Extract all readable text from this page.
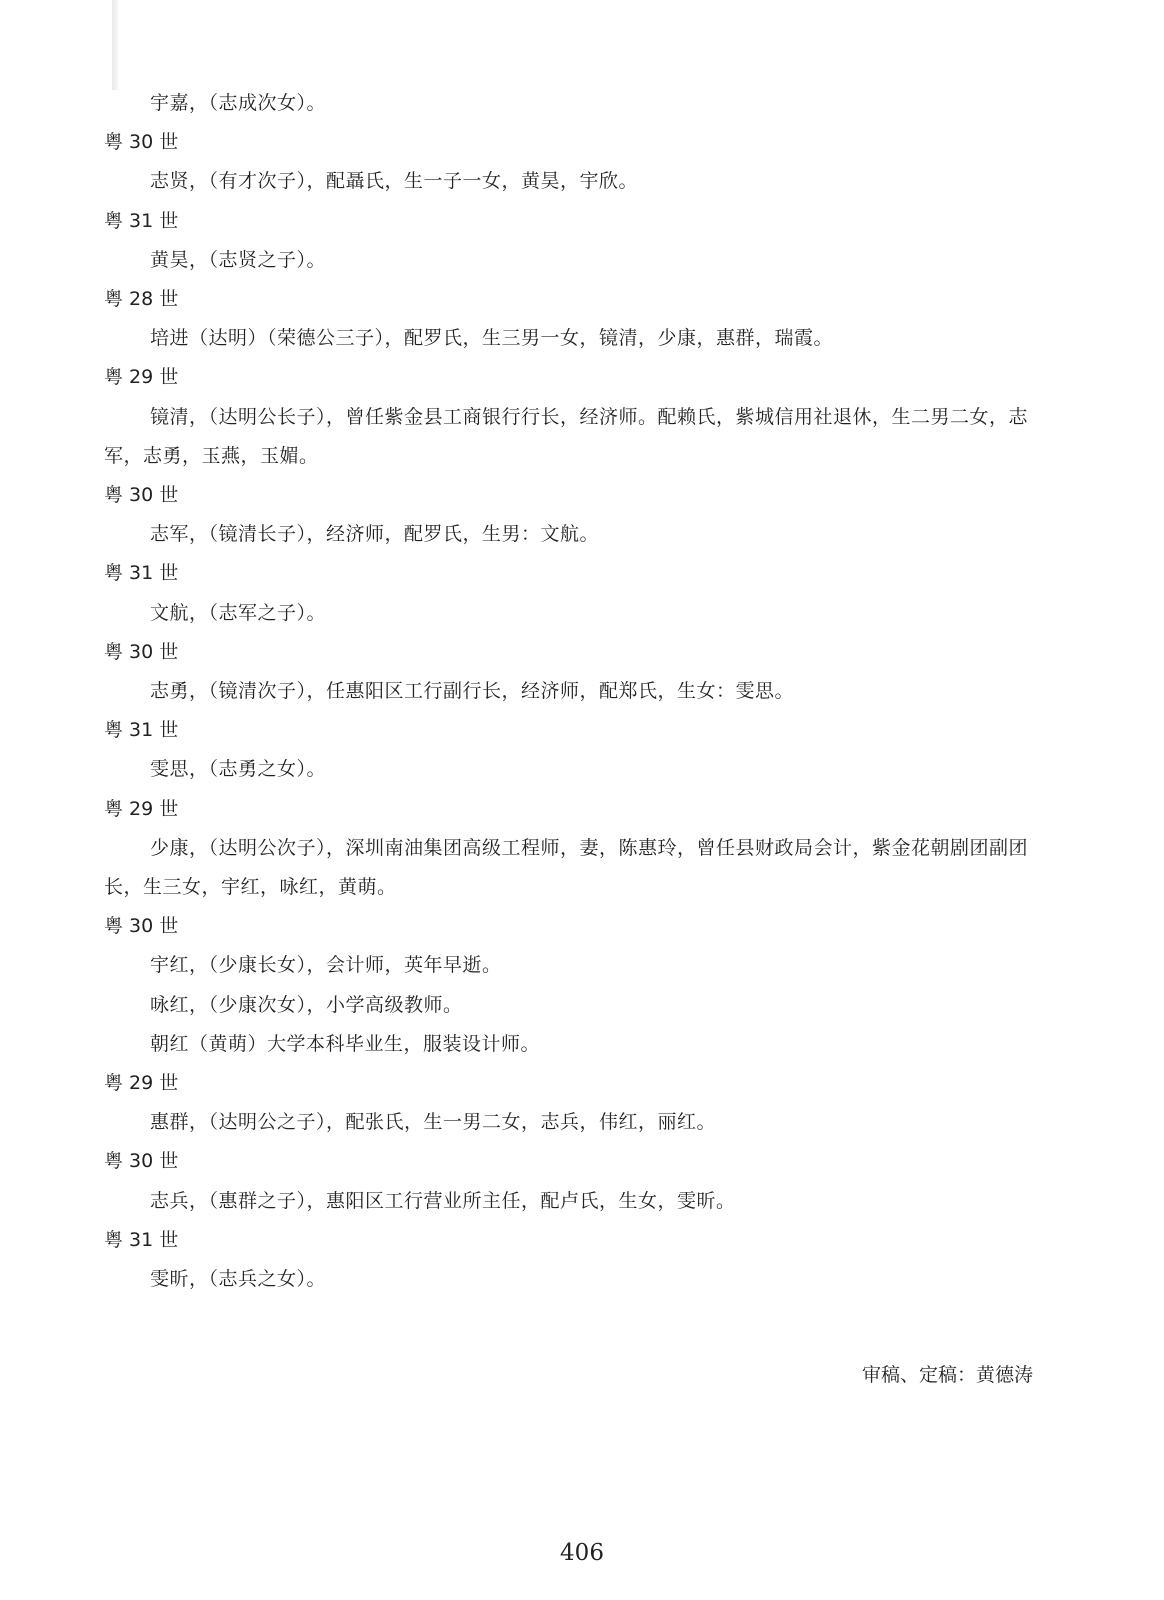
宇嘉，（志成次女）。
粤 30 世
志贤，（有才次子），配聶氏，生一子一女，黄昊，宇欣。
粤 31 世
黄昊，（志贤之子）。
粤 28 世
培进（达明）（荣德公三子），配罗氏，生三男一女，镜清，少康，惠群，瑞霞。
粤 29 世
镜清，（达明公长子），曾任紫金县工商银行行长，经济师。配赖氏，紫城信用社退休，生二男二女，志军，志勇，玉燕，玉媚。
粤 30 世
志军，（镜清长子），经济师，配罗氏，生男：文航。
粤 31 世
文航，（志军之子）。
粤 30 世
志勇，（镜清次子），任惠阳区工行副行长，经济师，配郑氏，生女：雯思。
粤 31 世
雯思，（志勇之女）。
粤 29 世
少康，（达明公次子），深圳南油集团高级工程师，妻，陈惠玲，曾任县财政局会计，紫金花朝剧团副团长，生三女，宇红，咏红，黄萌。
粤 30 世
宇红，（少康长女），会计师，英年早逝。
咏红，（少康次女），小学高级教师。
朝红（黄萌）大学本科毕业生，服装设计师。
粤 29 世
惠群，（达明公之子），配张氏，生一男二女，志兵，伟红，丽红。
粤 30 世
志兵，（惠群之子），惠阳区工行营业所主任，配卢氏，生女，雯昕。
粤 31 世
雯昕，（志兵之女）。
审稿、定稿：黄德涛
406
